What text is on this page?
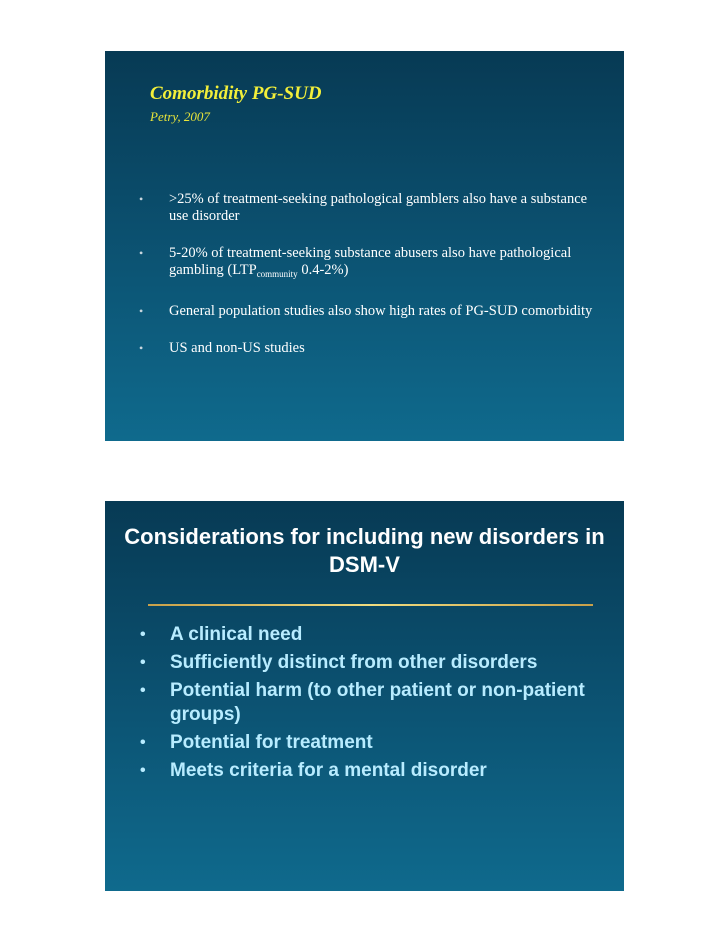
Comorbidity PG-SUD

Petry, 2007

•	>25% of treatment-seeking pathological gamblers also have a substance use disorder
•	5-20% of treatment-seeking substance abusers also have pathological gambling ($LTP_{community}$ 0.4-2%)
•	General population studies also show high rates of PG-SUD comorbidity
•	US and non-US studies

Considerations for including new disorders in DSM-V

•	A clinical need
•	Sufficiently distinct from other disorders
•	Potential harm (to other patient or non-patient groups)
•	Potential for treatment
•	Meets criteria for a mental disorder
